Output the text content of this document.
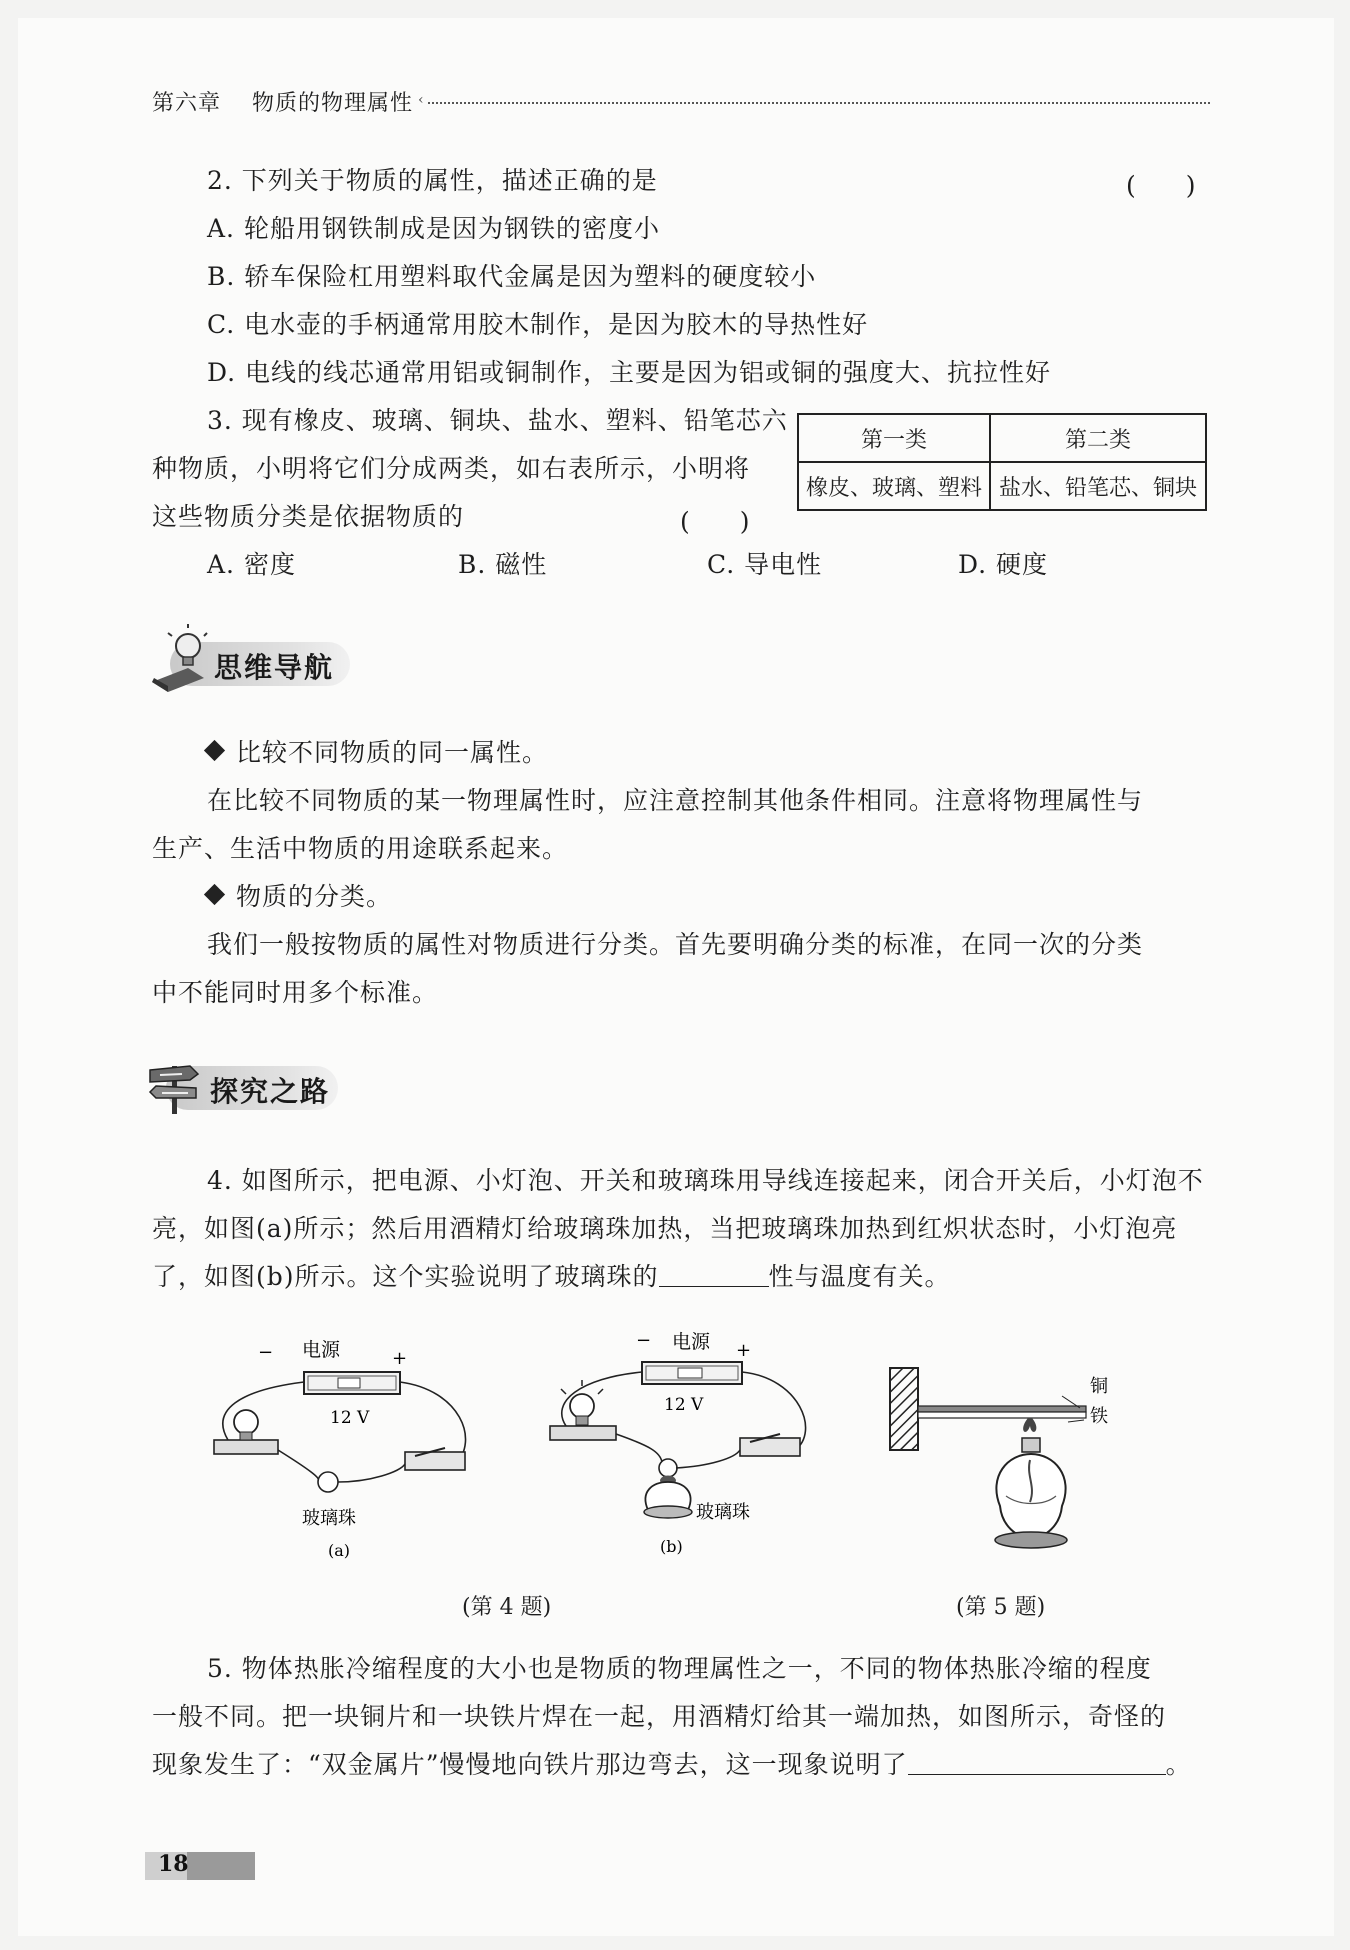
第六章 物质的物理属性 ‹
2. 下列关于物质的属性，描述正确的是	(　　)
A. 轮船用钢铁制成是因为钢铁的密度小
B. 轿车保险杠用塑料取代金属是因为塑料的硬度较小
C. 电水壶的手柄通常用胶木制作，是因为胶木的导热性好
D. 电线的线芯通常用铝或铜制作，主要是因为铝或铜的强度大、抗拉性好
3. 现有橡皮、玻璃、铜块、盐水、塑料、铅笔芯六
种物质，小明将它们分成两类，如右表所示，小明将
这些物质分类是依据物质的	(　　)
第一类	第二类
橡皮、玻璃、塑料	盐水、铅笔芯、铜块
A. 密度	B. 磁性	C. 导电性	D. 硬度
思维导航
比较不同物质的同一属性。
在比较不同物质的某一物理属性时，应注意控制其他条件相同。注意将物理属性与
生产、生活中物质的用途联系起来。
物质的分类。
我们一般按物质的属性对物质进行分类。首先要明确分类的标准，在同一次的分类
中不能同时用多个标准。
探究之路
4. 如图所示，把电源、小灯泡、开关和玻璃珠用导线连接起来，闭合开关后，小灯泡不
亮，如图(a)所示；然后用酒精灯给玻璃珠加热，当把玻璃珠加热到红炽状态时，小灯泡亮
了，如图(b)所示。这个实验说明了玻璃珠的	性与温度有关。
电源
−	+
12 V
玻璃珠
(a)
电源
−	+
12 V
玻璃珠
(b)
铜
铁
(第 4 题)	(第 5 题)
5. 物体热胀冷缩程度的大小也是物质的物理属性之一，不同的物体热胀冷缩的程度
一般不同。把一块铜片和一块铁片焊在一起，用酒精灯给其一端加热，如图所示，奇怪的
现象发生了：“双金属片”慢慢地向铁片那边弯去，这一现象说明了	。
18
